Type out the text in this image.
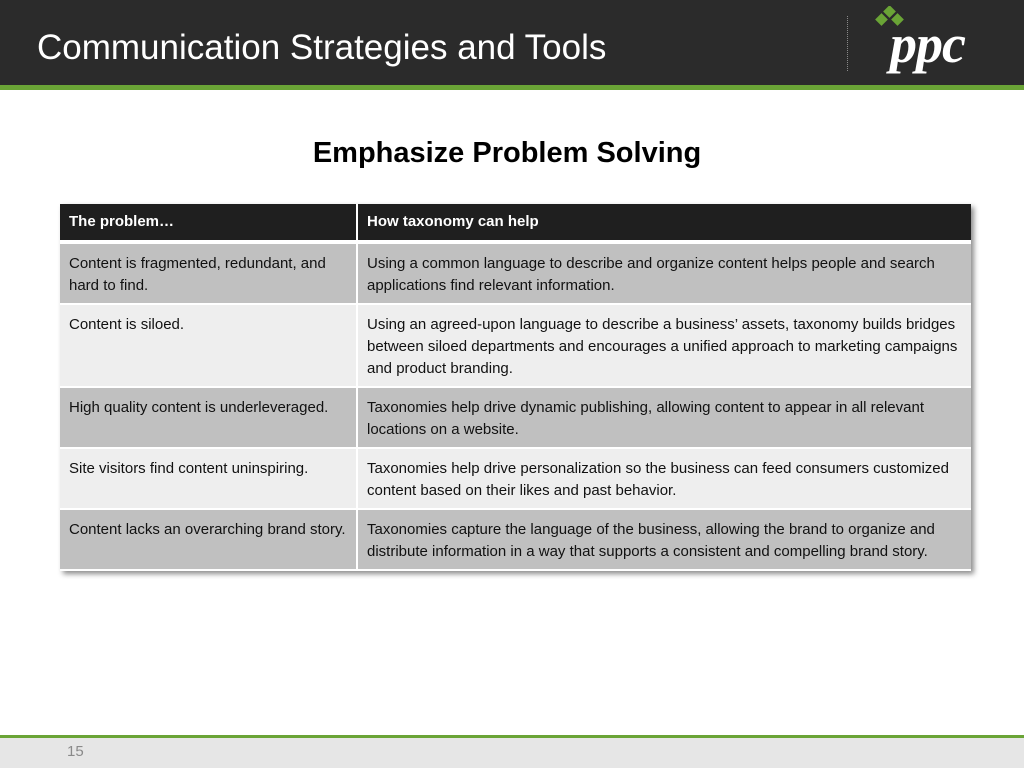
Communication Strategies and Tools	ppc
Emphasize Problem Solving
The problem…	How taxonomy can help
Content is fragmented, redundant, and hard to find.	Using a common language to describe and organize content helps people and search applications find relevant information.
Content is siloed.	Using an agreed-upon language to describe a business’ assets, taxonomy builds bridges between siloed departments and encourages a unified approach to marketing campaigns and product branding.
High quality content is underleveraged.	Taxonomies help drive dynamic publishing, allowing content to appear in all relevant locations on a website.
Site visitors find content uninspiring.	Taxonomies help drive personalization so the business can feed consumers customized content based on their likes and past behavior.
Content lacks an overarching brand story.	Taxonomies capture the language of the business, allowing the brand to organize and distribute information in a way that supports a consistent and compelling brand story.
15
